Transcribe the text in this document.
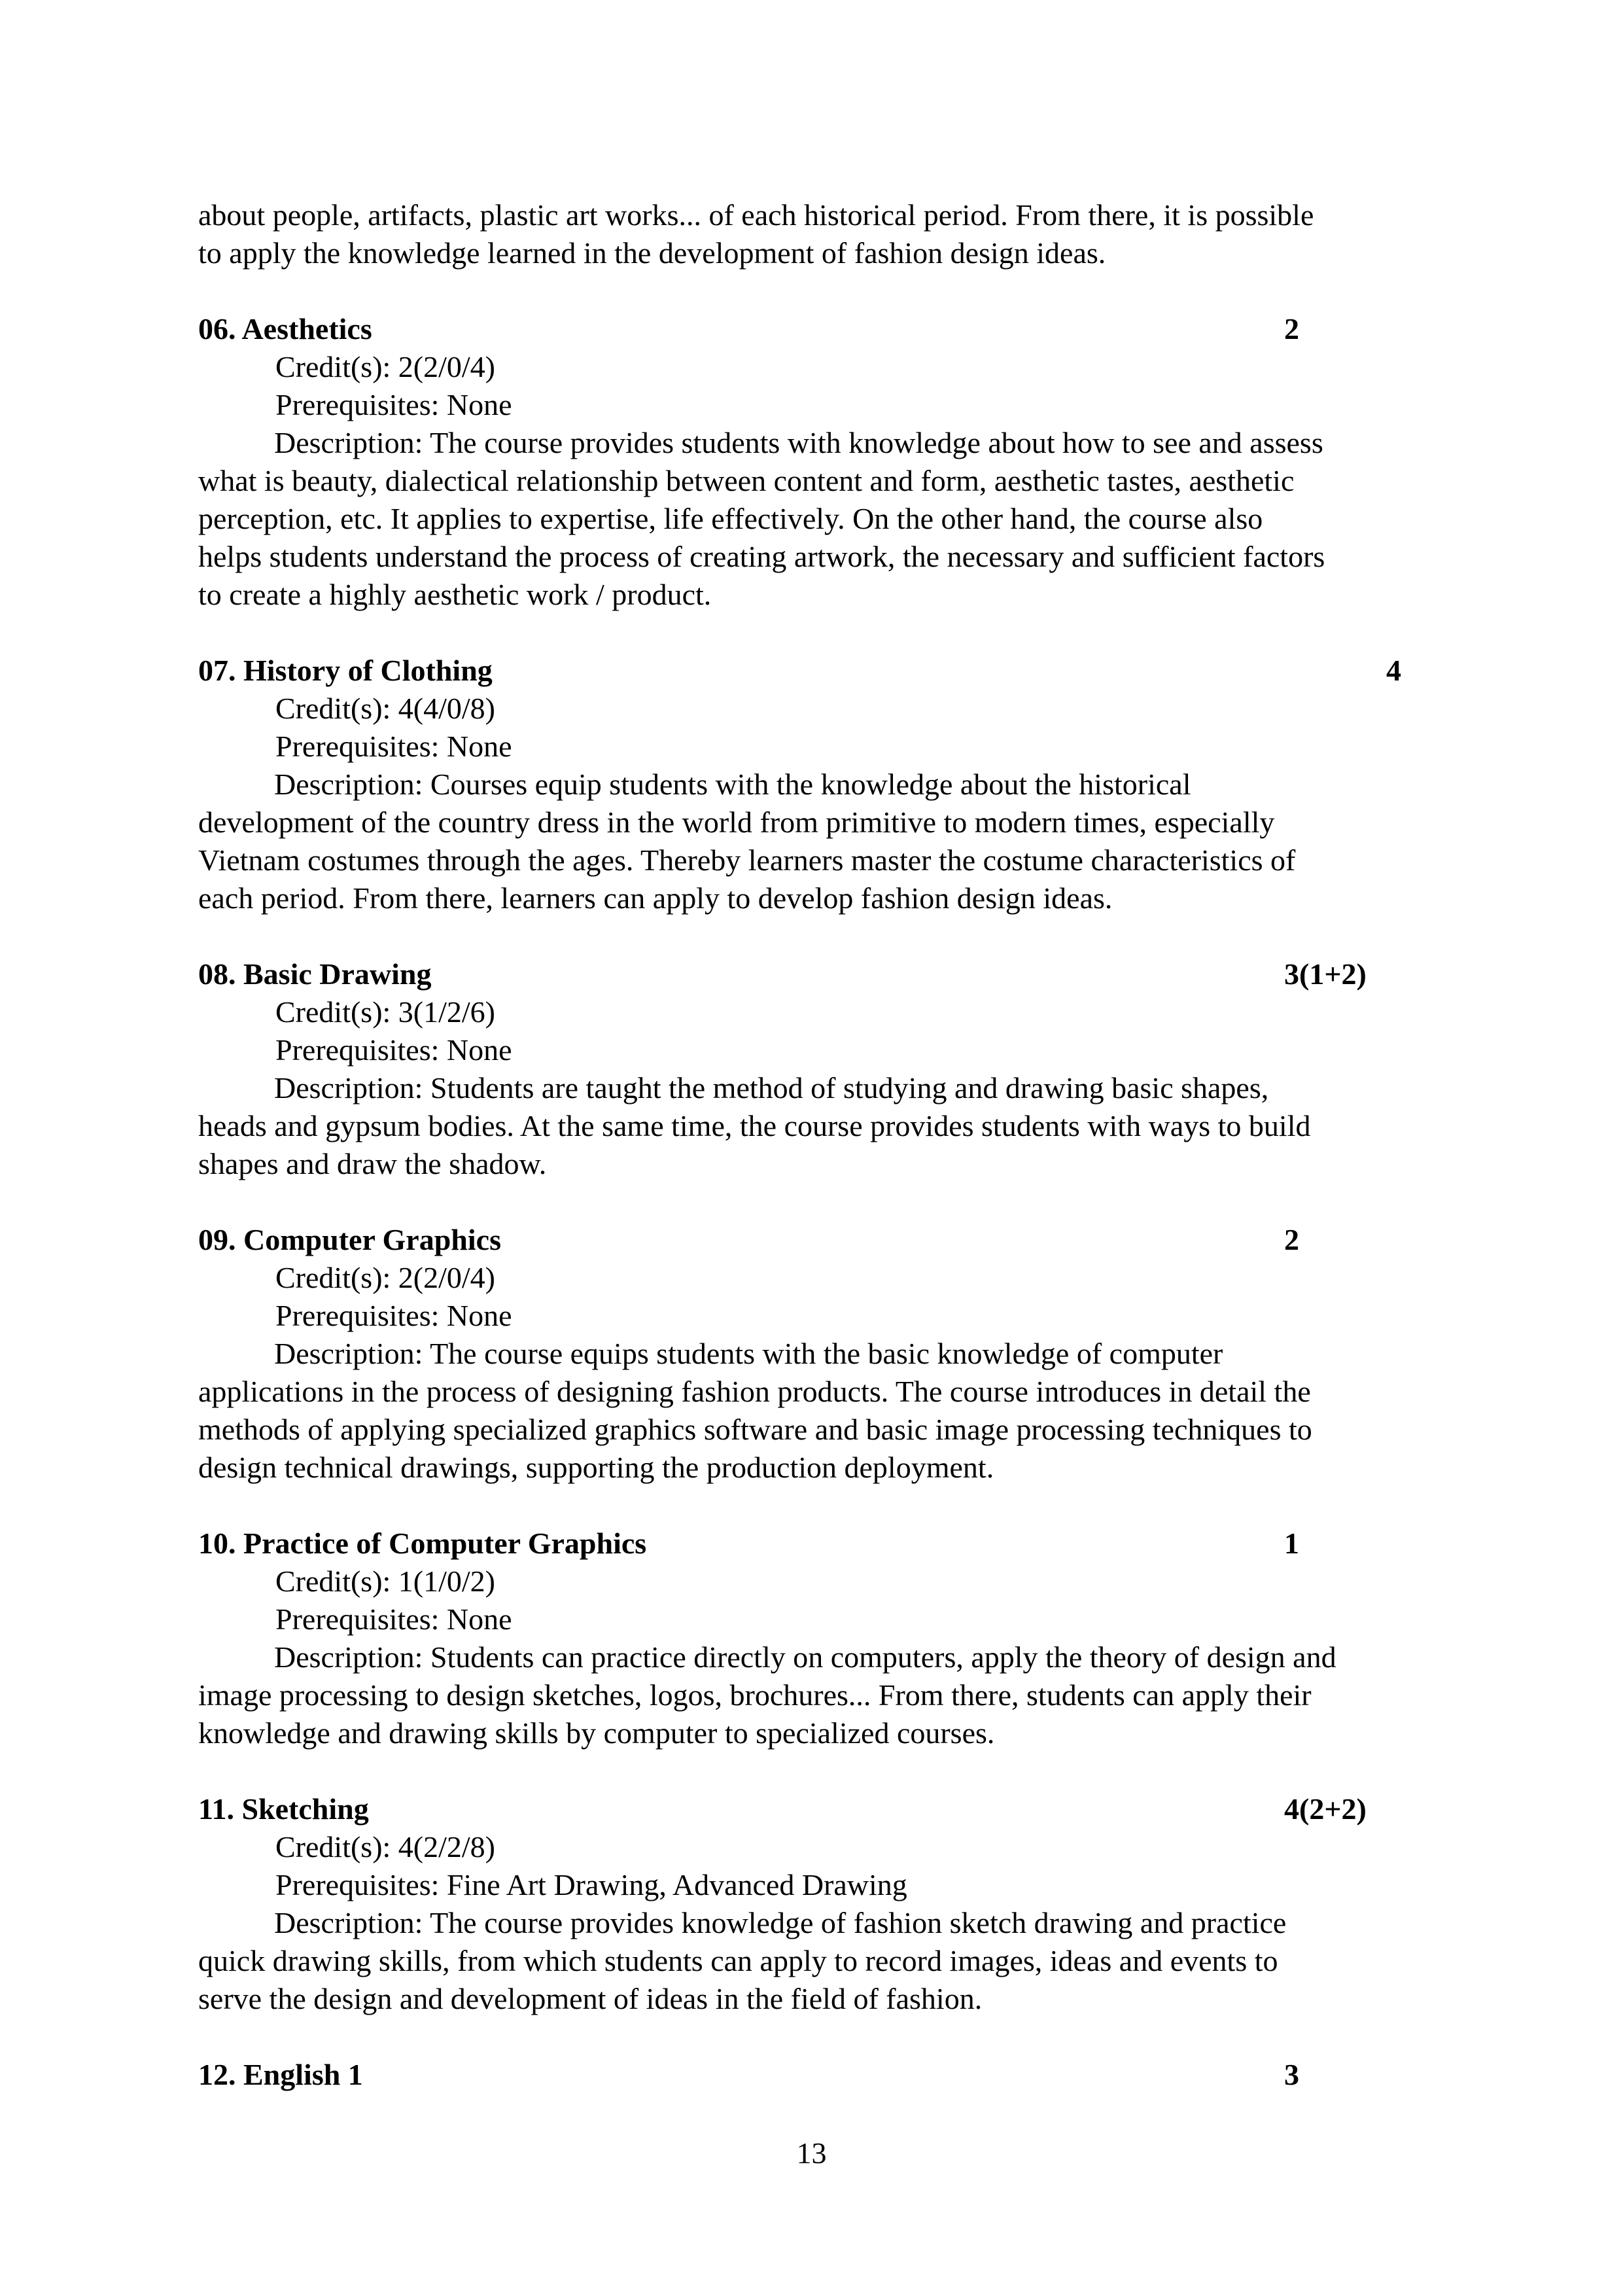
about people, artifacts, plastic art works... of each historical period. From there, it is possible
to apply the knowledge learned in the development of fashion design ideas.
06. Aesthetics	2

Credit(s): 2(2/0/4)

Prerequisites: None

Description: The course provides students with knowledge about how to see and assess
what is beauty, dialectical relationship between content and form, aesthetic tastes, aesthetic
perception, etc. It applies to expertise, life effectively. On the other hand, the course also
helps students understand the process of creating artwork, the necessary and sufficient factors
to create a highly aesthetic work / product.
07. History of Clothing	4

Credit(s): 4(4/0/8)

Prerequisites: None

Description: Courses equip students with the knowledge about the historical
development of the country dress in the world from primitive to modern times, especially
Vietnam costumes through the ages. Thereby learners master the costume characteristics of
each period. From there, learners can apply to develop fashion design ideas.
08. Basic Drawing	3(1+2)

Credit(s): 3(1/2/6)

Prerequisites: None

Description: Students are taught the method of studying and drawing basic shapes,
heads and gypsum bodies. At the same time, the course provides students with ways to build
shapes and draw the shadow.
09. Computer Graphics	2

Credit(s): 2(2/0/4)

Prerequisites: None

Description: The course equips students with the basic knowledge of computer
applications in the process of designing fashion products. The course introduces in detail the
methods of applying specialized graphics software and basic image processing techniques to
design technical drawings, supporting the production deployment.
10. Practice of Computer Graphics	1

Credit(s): 1(1/0/2)

Prerequisites: None

Description: Students can practice directly on computers, apply the theory of design and
image processing to design sketches, logos, brochures... From there, students can apply their
knowledge and drawing skills by computer to specialized courses.
11. Sketching	4(2+2)

Credit(s): 4(2/2/8)

Prerequisites: Fine Art Drawing, Advanced Drawing

Description: The course provides knowledge of fashion sketch drawing and practice
quick drawing skills, from which students can apply to record images, ideas and events to
serve the design and development of ideas in the field of fashion.
12. English 1	3
13
